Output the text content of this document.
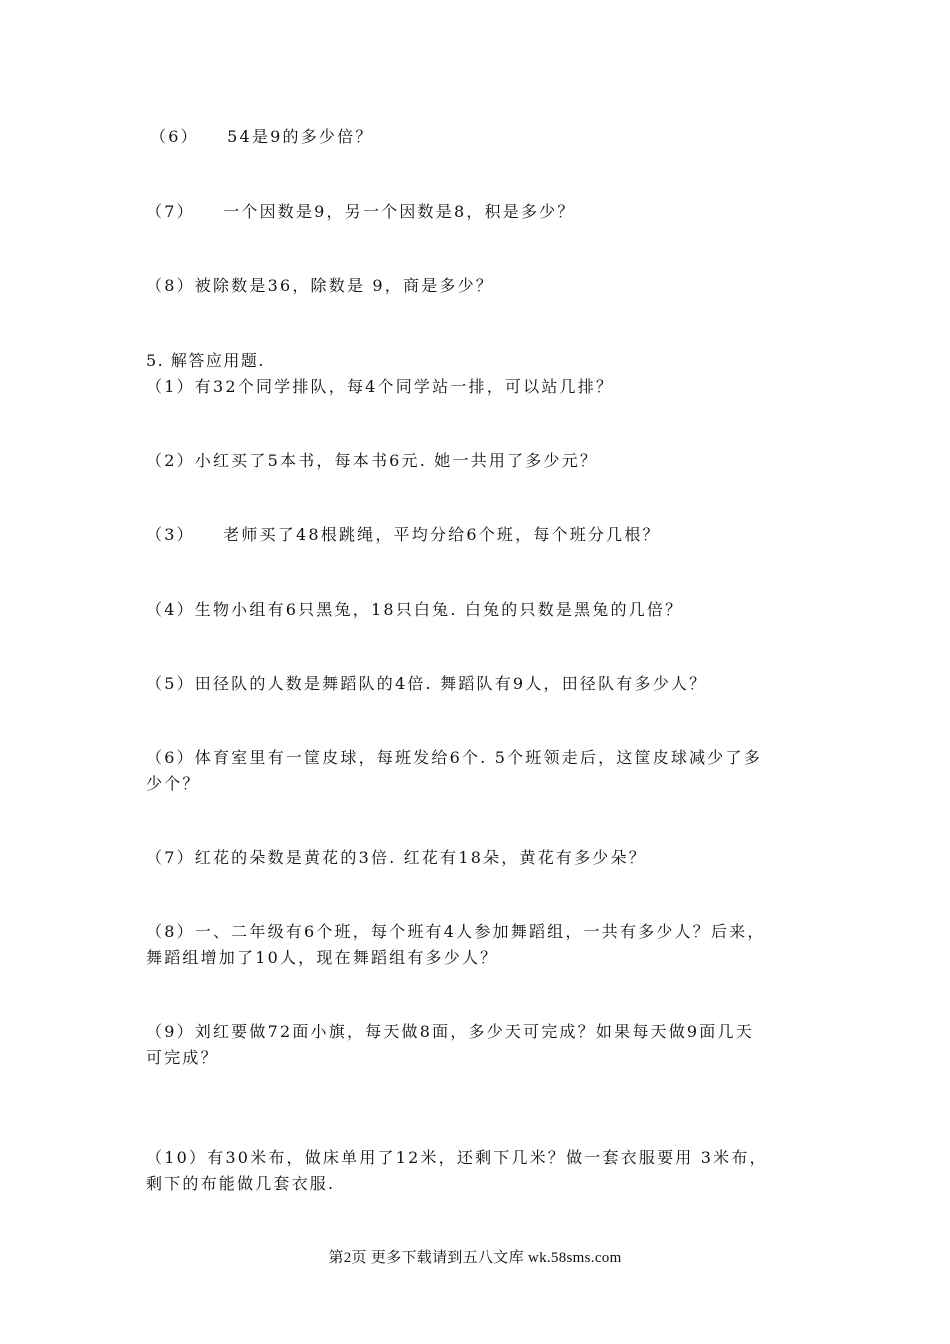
（6）　　54是9的多少倍？
（7）　　一个因数是9，另一个因数是8，积是多少？
（8）被除数是36，除数是 9，商是多少？
5. 解答应用题.
（1）有32个同学排队，每4个同学站一排，可以站几排？
（2）小红买了5本书，每本书6元. 她一共用了多少元？
（3）　　老师买了48根跳绳，平均分给6个班，每个班分几根？
（4）生物小组有6只黑兔，18只白兔. 白兔的只数是黑兔的几倍？
（5）田径队的人数是舞蹈队的4倍. 舞蹈队有9人，田径队有多少人？
（6）体育室里有一筐皮球，每班发给6个. 5个班领走后，这筐皮球减少了多
少个？
（7）红花的朵数是黄花的3倍. 红花有18朵，黄花有多少朵？
（8）一、二年级有6个班，每个班有4人参加舞蹈组，一共有多少人？后来，
舞蹈组增加了10人，现在舞蹈组有多少人？
（9）刘红要做72面小旗，每天做8面，多少天可完成？如果每天做9面几天
可完成？
（10）有30米布，做床单用了12米，还剩下几米？做一套衣服要用 3米布，
剩下的布能做几套衣服.
第2页 更多下载请到五八文库 wk.58sms.com
